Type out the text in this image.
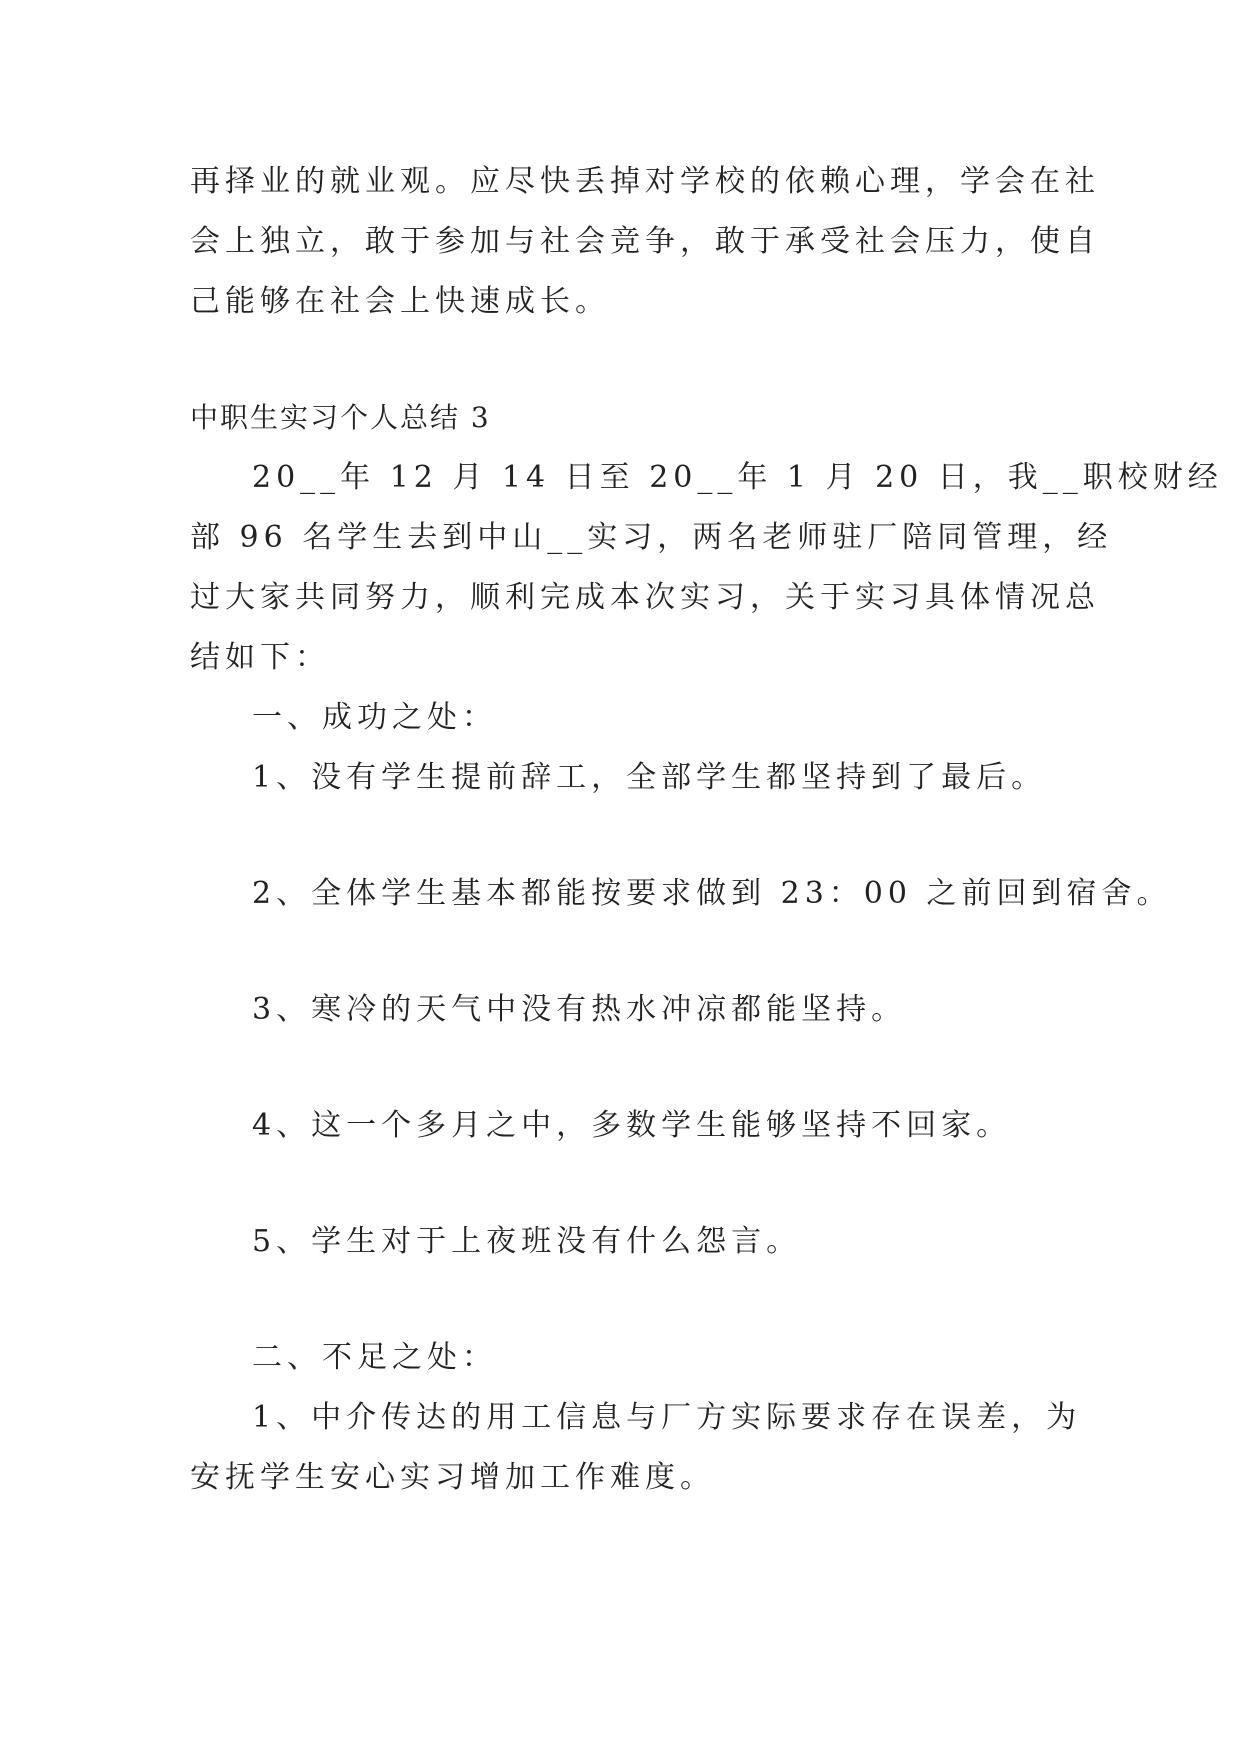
再择业的就业观。应尽快丢掉对学校的依赖心理，学会在社
会上独立，敢于参加与社会竞争，敢于承受社会压力，使自
己能够在社会上快速成长。
中职生实习个人总结 3
20__年 12 月 14 日至 20__年 1 月 20 日，我__职校财经
部 96 名学生去到中山__实习，两名老师驻厂陪同管理，经
过大家共同努力，顺利完成本次实习，关于实习具体情况总
结如下：
一、成功之处：
1、没有学生提前辞工，全部学生都坚持到了最后。
2、全体学生基本都能按要求做到 23：00 之前回到宿舍。
3、寒冷的天气中没有热水冲凉都能坚持。
4、这一个多月之中，多数学生能够坚持不回家。
5、学生对于上夜班没有什么怨言。
二、不足之处：
1、中介传达的用工信息与厂方实际要求存在误差，为
安抚学生安心实习增加工作难度。
